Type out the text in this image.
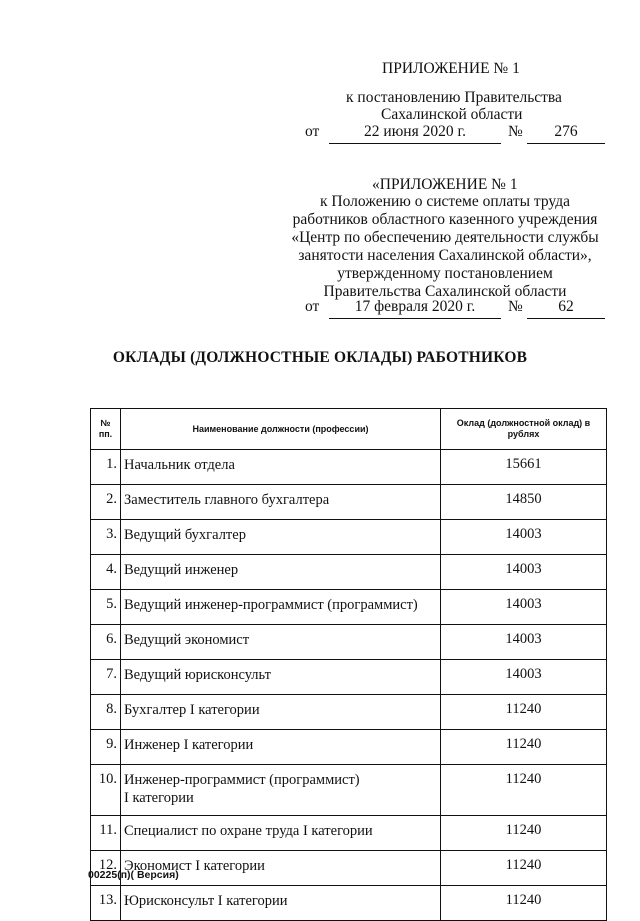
ПРИЛОЖЕНИЕ № 1
к постановлению Правительства
Сахалинской области
от	22 июня 2020 г.	№	276
«ПРИЛОЖЕНИЕ № 1
к Положению о системе оплаты труда
работников областного казенного учреждения
«Центр по обеспечению деятельности службы
занятости населения Сахалинской области»,
утвержденному постановлением
Правительства Сахалинской области
от	17 февраля 2020 г.	№	62
ОКЛАДЫ (ДОЛЖНОСТНЫЕ ОКЛАДЫ) РАБОТНИКОВ
№ пп.	Наименование должности (профессии)	Оклад (должностной оклад) в рублях
1.	Начальник отдела	15661
2.	Заместитель главного бухгалтера	14850
3.	Ведущий бухгалтер	14003
4.	Ведущий инженер	14003
5.	Ведущий инженер-программист (программист)	14003
6.	Ведущий экономист	14003
7.	Ведущий юрисконсульт	14003
8.	Бухгалтер I категории	11240
9.	Инженер I категории	11240
10.	Инженер-программист (программист)
I категории	11240
11.	Специалист по охране труда I категории	11240
12.	Экономист I категории	11240
13.	Юрисконсульт I категории	11240
00225(п)( Версия)
